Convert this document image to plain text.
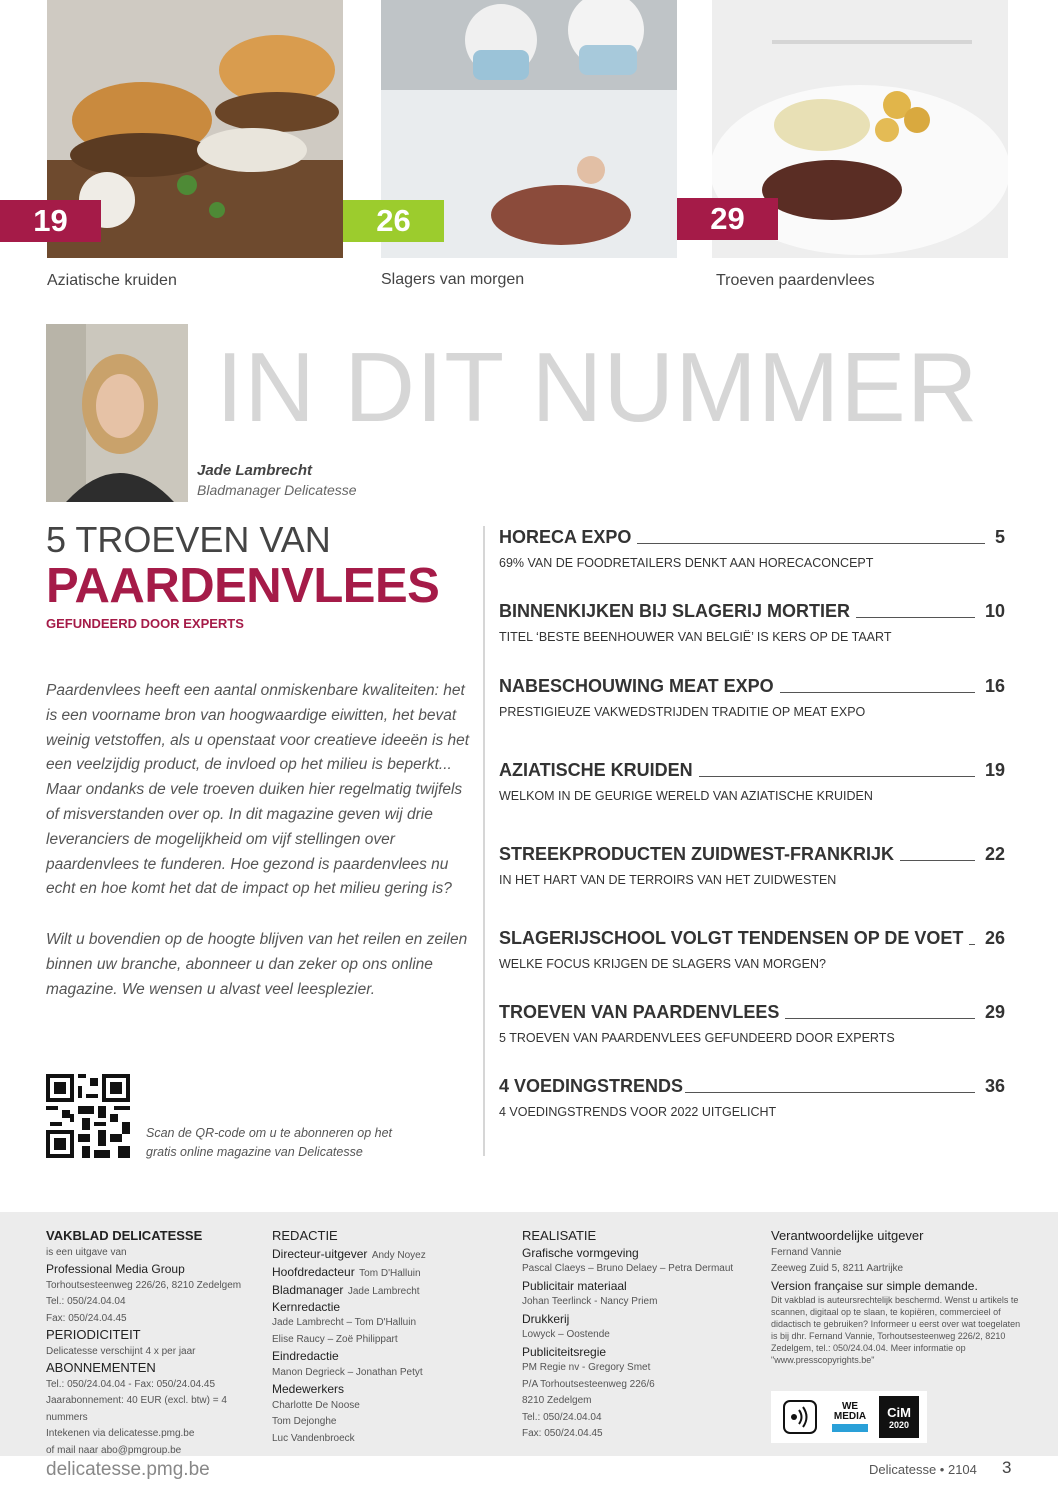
19	26	29
Aziatische kruiden	Slagers van morgen	Troeven paardenvlees
IN DIT NUMMER
Jade Lambrecht
Bladmanager Delicatesse
5 TROEVEN VAN
PAARDENVLEES
GEFUNDEERD DOOR EXPERTS
Paardenvlees heeft een aantal onmiskenbare kwaliteiten: het is een voorname bron van hoogwaardige eiwitten, het bevat weinig vetstoffen, als u openstaat voor creatieve ideeën is het een veelzijdig product, de invloed op het milieu is beperkt... Maar ondanks de vele troeven duiken hier regelmatig twijfels of misverstanden over op. In dit magazine geven wij drie leveranciers de mogelijkheid om vijf stellingen over paardenvlees te funderen. Hoe gezond is paardenvlees nu echt en hoe komt het dat de impact op het milieu gering is?
Wilt u bovendien op de hoogte blijven van het reilen en zeilen binnen uw branche, abonneer u dan zeker op ons online magazine. We wensen u alvast veel leesplezier.
Scan de QR-code om u te abonneren op het gratis online magazine van Delicatesse
HORECA EXPO	5
69% VAN DE FOODRETAILERS DENKT AAN HORECACONCEPT
BINNENKIJKEN BIJ SLAGERIJ MORTIER	10
TITEL ‘BESTE BEENHOUWER VAN BELGIË’ IS KERS OP DE TAART
NABESCHOUWING MEAT EXPO	16
PRESTIGIEUZE VAKWEDSTRIJDEN TRADITIE OP MEAT EXPO
AZIATISCHE KRUIDEN	19
WELKOM IN DE GEURIGE WERELD VAN AZIATISCHE KRUIDEN
STREEKPRODUCTEN ZUIDWEST-FRANKRIJK	22
IN HET HART VAN DE TERROIRS VAN HET ZUIDWESTEN
SLAGERIJSCHOOL VOLGT TENDENSEN OP DE VOET 26
WELKE FOCUS KRIJGEN DE SLAGERS VAN MORGEN?
TROEVEN VAN PAARDENVLEES	29
5 TROEVEN VAN PAARDENVLEES GEFUNDEERD DOOR EXPERTS
4 VOEDINGSTRENDS	36
4 VOEDINGSTRENDS VOOR 2022 UITGELICHT
VAKBLAD DELICATESSE
is een uitgave van
Professional Media Group
Torhoutsesteenweg 226/26, 8210 Zedelgem
Tel.: 050/24.04.04
Fax: 050/24.04.45
PERIODICITEIT
Delicatesse verschijnt 4 x per jaar
ABONNEMENTEN
Tel.: 050/24.04.04 - Fax: 050/24.04.45
Jaarabonnement: 40 EUR (excl. btw) = 4 nummers
Intekenen via delicatesse.pmg.be
of mail naar abo@pmgroup.be
REDACTIE
Directeur-uitgever Andy Noyez
Hoofdredacteur Tom D'Halluin
Bladmanager Jade Lambrecht
Kernredactie
Jade Lambrecht – Tom D'Halluin
Elise Raucy – Zoë Philippart
Eindredactie
Manon Degrieck – Jonathan Petyt
Medewerkers
Charlotte De Noose
Tom Dejonghe
Luc Vandenbroeck
REALISATIE
Grafische vormgeving
Pascal Claeys – Bruno Delaey – Petra Dermaut
Publicitair materiaal
Johan Teerlinck - Nancy Priem
Drukkerij
Lowyck – Oostende
Publiciteitsregie
PM Regie nv - Gregory Smet
P/A Torhoutsesteenweg 226/6
8210 Zedelgem
Tel.: 050/24.04.04
Fax: 050/24.04.45
Verantwoordelijke uitgever
Fernand Vannie
Zeeweg Zuid 5, 8211 Aartrijke
Version française sur simple demande.
Dit vakblad is auteursrechtelijk beschermd. Wenst u artikels te scannen, digitaal op te slaan, te kopiëren, commercieel of didactisch te gebruiken? Informeer u eerst over wat toegelaten is bij dhr. Fernand Vannie, Torhoutsesteenweg 226/2, 8210 Zedelgem, tel.: 050/24.04.04. Meer informatie op "www.presscopyrights.be"
WE MEDIA CiM
2020
delicatesse.pmg.be	Delicatesse • 2104 3
